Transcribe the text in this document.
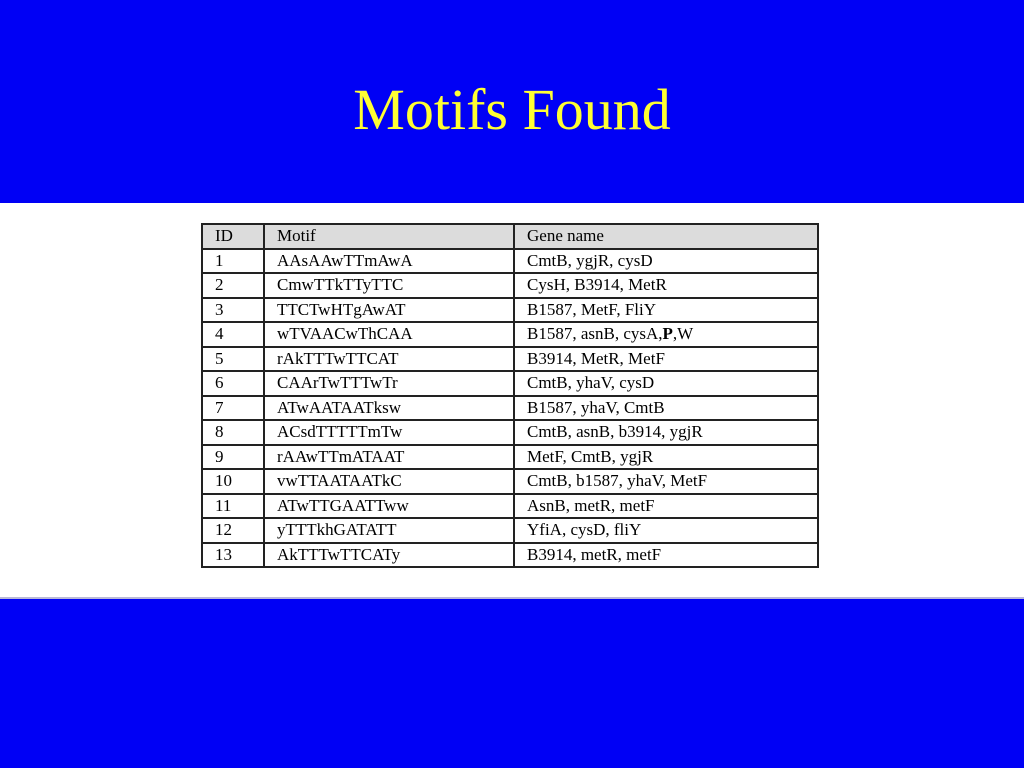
Motifs Found
ID	Motif	Gene name
1	AAsAAwTTmAwA	CmtB, ygjR, cysD
2	CmwTTkTTyTTC	CysH, B3914, MetR
3	TTCTwHTgAwAT	B1587, MetF, FliY
4	wTVAACwThCAA	B1587, asnB, cysA,P,W
5	rAkTTTwTTCAT	B3914, MetR, MetF
6	CAArTwTTTwTr	CmtB, yhaV, cysD
7	ATwAATAATksw	B1587, yhaV, CmtB
8	ACsdTTTTTmTw	CmtB, asnB, b3914, ygjR
9	rAAwTTmATAAT	MetF, CmtB, ygjR
10	vwTTAATAATkC	CmtB, b1587, yhaV, MetF
11	ATwTTGAATTww	AsnB, metR, metF
12	yTTTkhGATATT	YfiA, cysD, fliY
13	AkTTTwTTCATy	B3914, metR, metF
